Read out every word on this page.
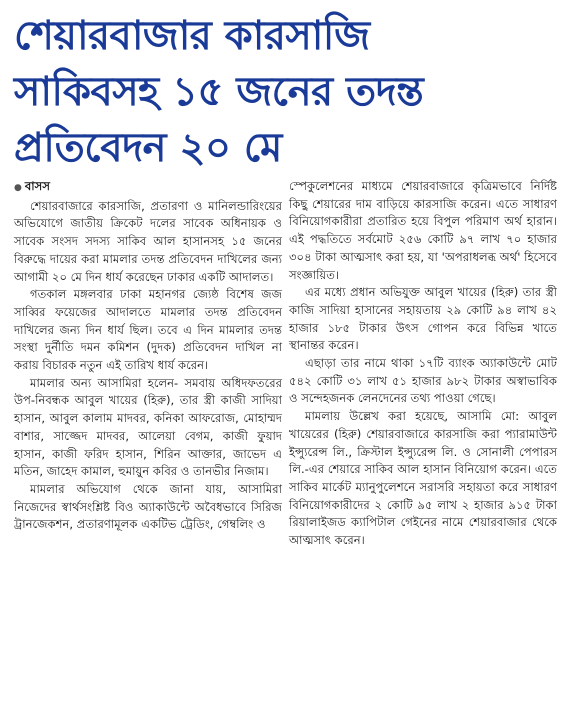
শেয়ারবাজার কারসাজি
সাকিবসহ ১৫ জনের তদন্ত
প্রতিবেদন ২০ মে
● বাসস

শেয়ারবাজারে কারসাজি, প্রতারণা ও মানিলন্ডারিংয়ের অভিযোগে জাতীয় ক্রিকেট দলের সাবেক অধিনায়ক ও সাবেক সংসদ সদস্য সাকিব আল হাসানসহ ১৫ জনের বিরুদ্ধে দায়ের করা মামলার তদন্ত প্রতিবেদন দাখিলের জন্য আগামী ২০ মে দিন ধার্য করেছেন ঢাকার একটি আদালত।

গতকাল মঙ্গলবার ঢাকা মহানগর জ্যেষ্ঠ বিশেষ জজ সাব্বির ফয়েজের আদালতে মামলার তদন্ত প্রতিবেদন দাখিলের জন্য দিন ধার্য ছিল। তবে এ দিন মামলার তদন্ত সংস্থা দুর্নীতি দমন কমিশন (দুদক) প্রতিবেদন দাখিল না করায় বিচারক নতুন এই তারিখ ধার্য করেন।

মামলার অন্য আসামিরা হলেন- সমবায় অধিদফতরের উপ-নিবন্ধক আবুল খায়ের (হিরু), তার স্ত্রী কাজী সাদিয়া হাসান, আবুল কালাম মাদবর, কনিকা আফরোজ, মোহাম্মদ বাশার, সাজ্জেদ মাদবর, আলেয়া বেগম, কাজী ফুয়াদ হাসান, কাজী ফরিদ হাসান, শিরিন আক্তার, জাভেদ এ মতিন, জাহেদ কামাল, হুমায়ুন কবির ও তানভীর নিজাম।

মামলার অভিযোগ থেকে জানা যায়, আসামিরা নিজেদের স্বার্থসংশ্লিষ্ট বিও অ্যাকাউন্টে অবৈধভাবে সিরিজ ট্রানজেকশন, প্রতারণামূলক একটিভ ট্রেডিং, গেম্বলিং ও

স্পেকুলেশনের মাধ্যমে শেয়ারবাজারে কৃত্রিমভাবে নির্দিষ্ট কিছু শেয়ারের দাম বাড়িয়ে কারসাজি করেন। এতে সাধারণ বিনিয়োগকারীরা প্রতারিত হয়ে বিপুল পরিমাণ অর্থ হারান। এই পদ্ধতিতে সর্বমোট ২৫৬ কোটি ৯৭ লাখ ৭০ হাজার ৩০৪ টাকা আত্মসাৎ করা হয়, যা 'অপরাধলব্ধ অর্থ' হিসেবে সংজ্ঞায়িত।

এর মধ্যে প্রধান অভিযুক্ত আবুল খায়ের (হিরু) তার স্ত্রী কাজি সাদিয়া হাসানের সহায়তায় ২৯ কোটি ৯৪ লাখ ৪২ হাজার ১৮৫ টাকার উৎস গোপন করে বিভিন্ন খাতে স্থানান্তর করেন।

এছাড়া তার নামে থাকা ১৭টি ব্যাংক অ্যাকাউন্টে মোট ৫৪২ কোটি ৩১ লাখ ৫১ হাজার ৯৮২ টাকার অস্বাভাবিক ও সন্দেহজনক লেনদেনের তথ্য পাওয়া গেছে।

মামলায় উল্লেখ করা হয়েছে, আসামি মো: আবুল খায়েরের (হিরু) শেয়ারবাজারে কারসাজি করা প্যারামাউন্ট ইন্স্যুরেন্স লি., ক্রিস্টাল ইন্স্যুরেন্স লি. ও সোনালী পেপারস লি.-এর শেয়ারে সাকিব আল হাসান বিনিয়োগ করেন। এতে সাকিব মার্কেট ম্যানুপুলেশনে সরাসরি সহায়তা করে সাধারণ বিনিয়োগকারীদের ২ কোটি ৯৫ লাখ ২ হাজার ৯১৫ টাকা রিয়ালাইজড ক্যাপিটাল গেইনের নামে শেয়ারবাজার থেকে আত্মসাৎ করেন।
